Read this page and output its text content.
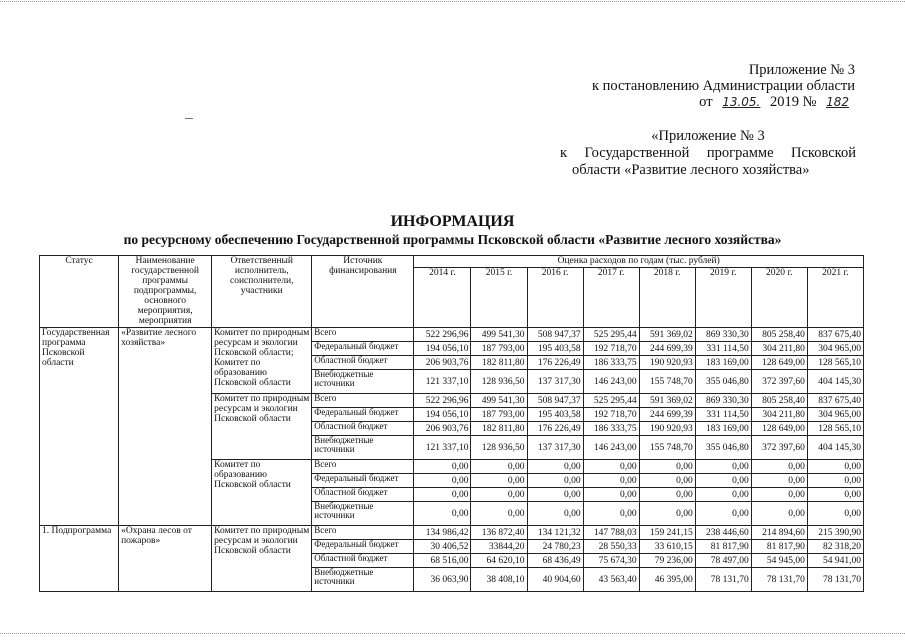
Приложение № 3
к постановлению Администрации области
от 13.05. 2019 № 182
«Приложение № 3
к Государственной программе Псковской
области «Развитие лесного хозяйства»
ИНФОРМАЦИЯ
по ресурсному обеспечению Государственной программы Псковской области «Развитие лесного хозяйства»
Статус	Наименование государственной программы подпрограммы, основного мероприятия, мероприятия	Ответственный исполнитель, соисполнители, участники	Источник финансирования	Оценка расходов по годам (тыс. рублей)							
				2014 г.	2015 г.	2016 г.	2017 г.	2018 г.	2019 г.	2020 г.	2021 г.
Государственная программа Псковской области	«Развитие лесного хозяйства»	Комитет по природным ресурсам и экологии Псковской области; Комитет по образованию Псковской области	Всего	522 296,96	499 541,30	508 947,37	525 295,44	591 369,02	869 330,30	805 258,40	837 675,40
			Федеральный бюджет	194 056,10	187 793,00	195 403,58	192 718,70	244 699,39	331 114,50	304 211,80	304 965,00
			Областной бюджет	206 903,76	182 811,80	176 226,49	186 333,75	190 920,93	183 169,00	128 649,00	128 565,10
			Внебюджетные источники	121 337,10	128 936,50	137 317,30	146 243,00	155 748,70	355 046,80	372 397,60	404 145,30
		Комитет по природным ресурсам и экологии Псковской области	Всего	522 296,96	499 541,30	508 947,37	525 295,44	591 369,02	869 330,30	805 258,40	837 675,40
			Федеральный бюджет	194 056,10	187 793,00	195 403,58	192 718,70	244 699,39	331 114,50	304 211,80	304 965,00
			Областной бюджет	206 903,76	182 811,80	176 226,49	186 333,75	190 920,93	183 169,00	128 649,00	128 565,10
			Внебюджетные источники	121 337,10	128 936,50	137 317,30	146 243,00	155 748,70	355 046,80	372 397,60	404 145,30
		Комитет по образованию Псковской области	Всего	0,00	0,00	0,00	0,00	0,00	0,00	0,00	0,00
			Федеральный бюджет	0,00	0,00	0,00	0,00	0,00	0,00	0,00	0,00
			Областной бюджет	0,00	0,00	0,00	0,00	0,00	0,00	0,00	0,00
			Внебюджетные источники	0,00	0,00	0,00	0,00	0,00	0,00	0,00	0,00
1. Подпрограмма	«Охрана лесов от пожаров»	Комитет по природным ресурсам и экологии Псковской области	Всего	134 986,42	136 872,40	134 121,32	147 788,03	159 241,15	238 446,60	214 894,60	215 390,90
			Федеральный бюджет	30 406,52	33844,20	24 780,23	28 550,33	33 610,15	81 817,90	81 817,90	82 318,20
			Областной бюджет	68 516,00	64 620,10	68 436,49	75 674,30	79 236,00	78 497,00	54 945,00	54 941,00
			Внебюджетные источники	36 063,90	38 408,10	40 904,60	43 563,40	46 395,00	78 131,70	78 131,70	78 131,70
